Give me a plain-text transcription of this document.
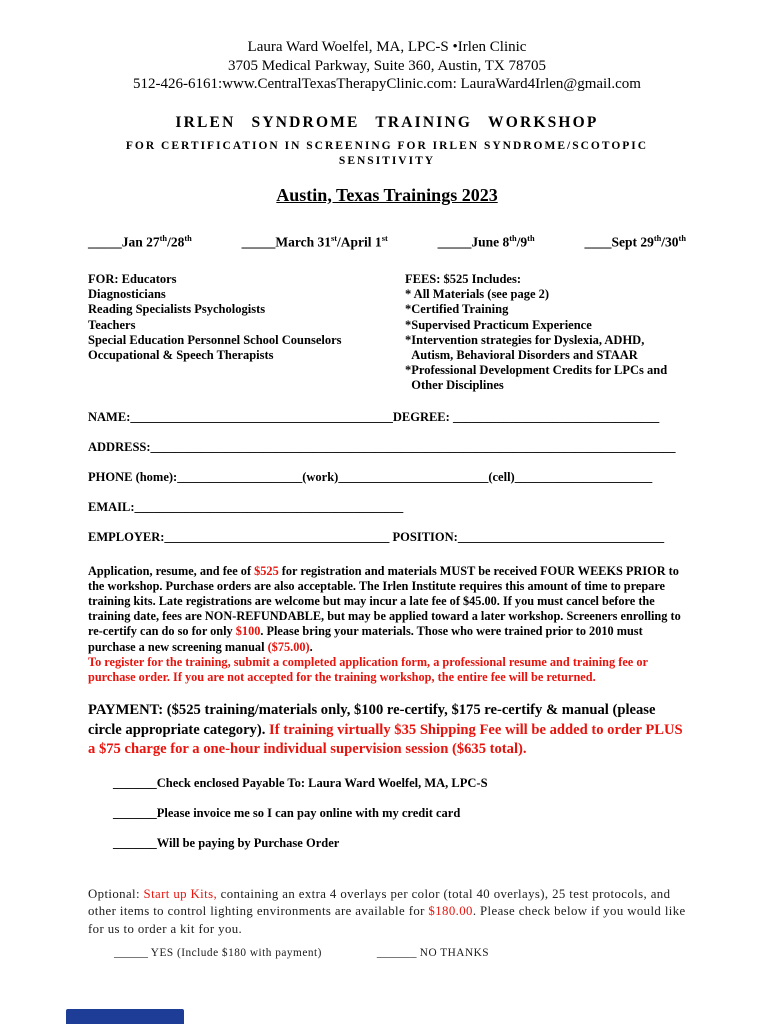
Laura Ward Woelfel, MA, LPC-S •Irlen Clinic
3705 Medical Parkway, Suite 360, Austin, TX 78705
512-426-6161:www.CentralTexasTherapyClinic.com: LauraWard4Irlen@gmail.com
IRLEN SYNDROME TRAINING WORKSHOP
FOR CERTIFICATION IN SCREENING FOR IRLEN SYNDROME/SCOTOPIC
SENSITIVITY
Austin, Texas Trainings 2023
_____Jan 27th/28th	_____March 31st/April 1st	_____June 8th/9th	____Sept 29th/30th
FOR: Educators
Diagnosticians
Reading Specialists Psychologists
Teachers
Special Education Personnel School Counselors
Occupational & Speech Therapists
FEES: $525 Includes:
* All Materials (see page 2)
*Certified Training
*Supervised Practicum Experience
*Intervention strategies for Dyslexia, ADHD,
Autism, Behavioral Disorders and STAAR
*Professional Development Credits for LPCs and
Other Disciplines
NAME:__________________________________________DEGREE: _________________________________
ADDRESS:____________________________________________________________________________________
PHONE (home):____________________(work)________________________(cell)______________________
EMAIL:___________________________________________
EMPLOYER:____________________________________ POSITION:_________________________________
Application, resume, and fee of $525 for registration and materials MUST be received FOUR WEEKS PRIOR to the workshop. Purchase orders are also acceptable. The Irlen Institute requires this amount of time to prepare training kits. Late registrations are welcome but may incur a late fee of $45.00. If you must cancel before the training date, fees are NON-REFUNDABLE, but may be applied toward a later workshop. Screeners enrolling to re-certify can do so for only $100. Please bring your materials. Those who were trained prior to 2010 must purchase a new screening manual ($75.00).
To register for the training, submit a completed application form, a professional resume and training fee or purchase order. If you are not accepted for the training workshop, the entire fee will be returned.
PAYMENT: ($525 training/materials only, $100 re-certify, $175 re-certify & manual (please circle appropriate category). If training virtually $35 Shipping Fee will be added to order PLUS a $75 charge for a one-hour individual supervision session ($635 total).
_______Check enclosed Payable To: Laura Ward Woelfel, MA, LPC-S
_______Please invoice me so I can pay online with my credit card
_______Will be paying by Purchase Order
Optional: Start up Kits, containing an extra 4 overlays per color (total 40 overlays), 25 test protocols, and other items to control lighting environments are available for $180.00. Please check below if you would like for us to order a kit for you.
______ YES (Include $180 with payment)	_______ NO THANKS
